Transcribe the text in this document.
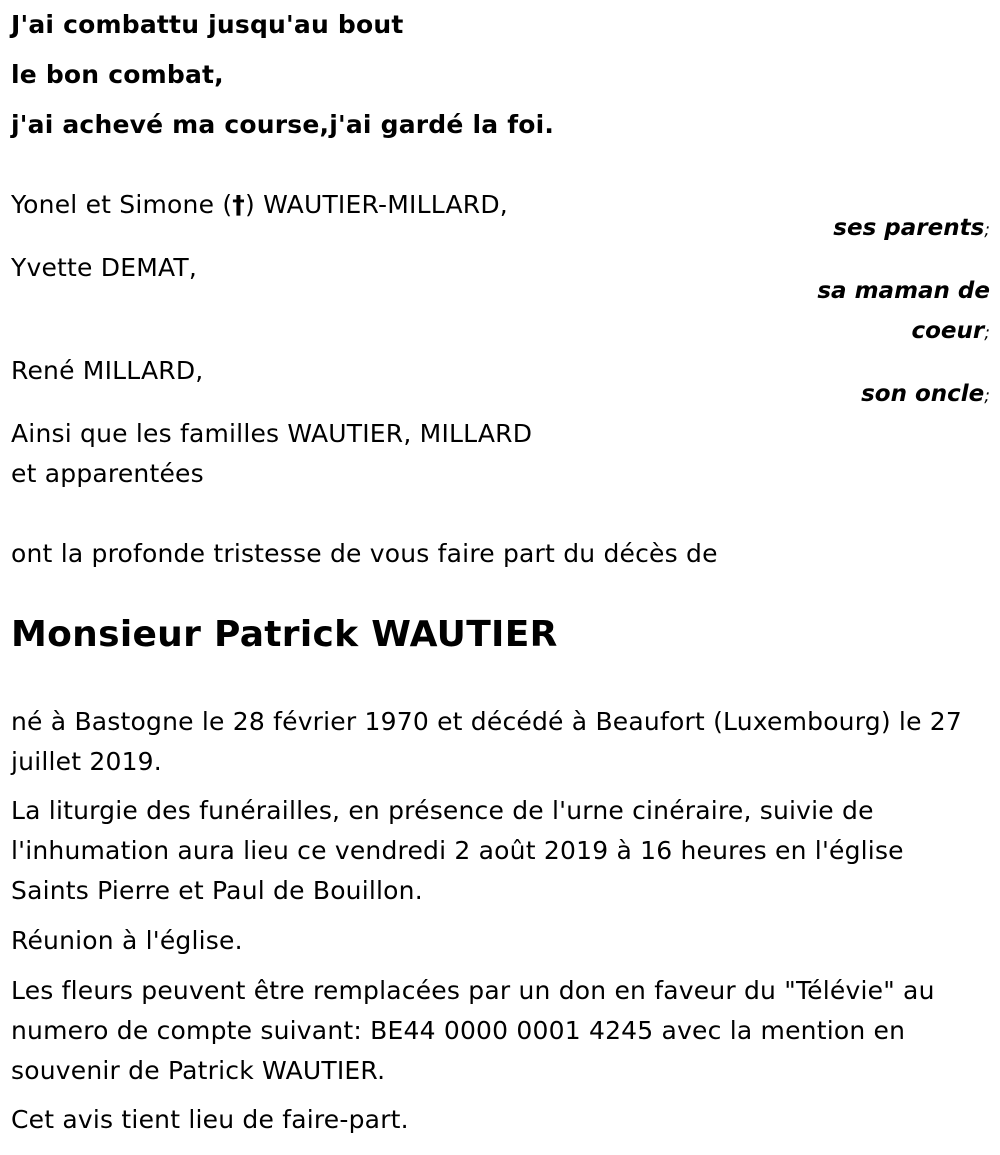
J'ai combattu jusqu'au bout
le bon combat,
j'ai achevé ma course,j'ai gardé la foi.
Yonel et Simone (†) WAUTIER-MILLARD,
ses parents;
Yvette DEMAT,
sa maman de
coeur;
René MILLARD,
son oncle;
Ainsi que les familles WAUTIER, MILLARD
et apparentées
ont la profonde tristesse de vous faire part du décès de
Monsieur Patrick WAUTIER
né à Bastogne le 28 février 1970 et décédé à Beaufort (Luxembourg) le 27 juillet 2019.
La liturgie des funérailles, en présence de l'urne cinéraire, suivie de l'inhumation aura lieu ce vendredi 2 août 2019 à 16 heures en l'église Saints Pierre et Paul de Bouillon.
Réunion à l'église.
Les fleurs peuvent être remplacées par un don en faveur du "Télévie" au numero de compte suivant: BE44 0000 0001 4245 avec la mention en souvenir de Patrick WAUTIER.
Cet avis tient lieu de faire-part.
